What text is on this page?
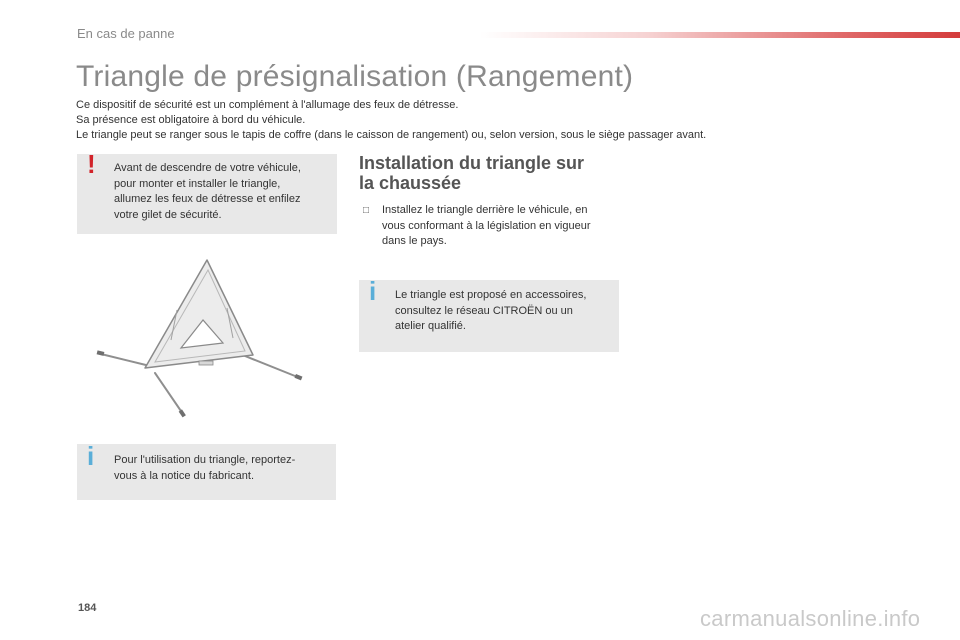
En cas de panne
Triangle de présignalisation (Rangement)

Ce dispositif de sécurité est un complément à l'allumage des feux de détresse.

Sa présence est obligatoire à bord du véhicule.

Le triangle peut se ranger sous le tapis de coffre (dans le caisson de rangement) ou, selon version, sous le siège passager avant.

! Avant de descendre de votre véhicule,
pour monter et installer le triangle,
allumez les feux de détresse et enfilez
votre gilet de sécurité.
i Pour l'utilisation du triangle, reportez-
vous à la notice du fabricant.
Installation du triangle sur
la chaussée
□ Installez le triangle derrière le véhicule, en
vous conformant à la législation en vigueur
dans le pays.
i Le triangle est proposé en accessoires,
consultez le réseau CITROËN ou un
atelier qualifié.
184	carmanualsonline.info
